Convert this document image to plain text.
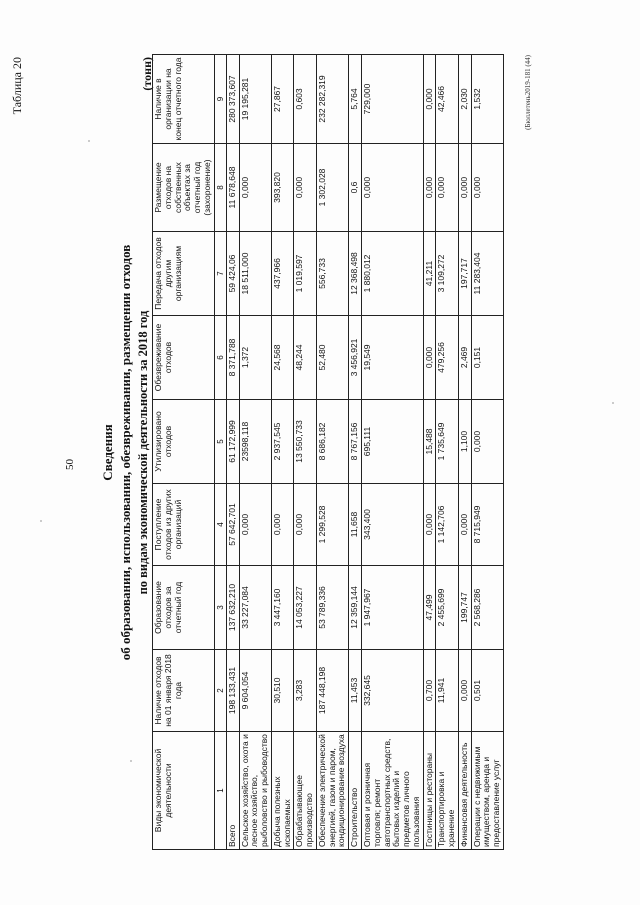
50
Таблица 20
Сведения об образовании, использовании, обезвреживании, размещении отходов по видам экономической деятельности за 2018 год
(тонн)
Виды экономической деятельности	Наличие отходов на 01 января 2018 года	Образование отходов за отчетный год	Поступление отходов из других организаций	Утилизировано отходов	Обезвреживание отходов	Передача отходов другим организациям	Размещение отходов на собственных объектах за отчетный год (захоронение)	Наличие в организации на конец отчетного года
1	2	3	4	5	6	7	8	9
Всего	198 133,431	137 632,210	57 642,701	61 172,999	8 371,788	59 424,06	11 678,648	280 373,607
Сельское хозяйство, охота и лесное хозяйство, рыболовство и рыбоводство	9 604,054	33 227,084	0,000	23598,118	1,372	18 511,000	0,000	19 195,281
Добыча полезных ископаемых	30,510	3 447,160	0,000	2 937,545	24,568	437,966	393,820	27,867
Обрабатывающее производство	3,283	14 053,227	0,000	13 550,733	48,244	1 019,597	0,000	0,603
Обеспечение электрической энергией, газом и паром, кондиционирование воздуха	187 448,198	53 789,336	1 299,528	8 686,182	52,480	556,733	1 302,028	232 282,319
Строительство	11,453	12 359,144	11,658	8 767,156	3 456,921	12 368,498	0,6	5,764
Оптовая и розничная торговля; ремонт автотранспортных средств, бытовых изделий и предметов личного пользования	332,645	1 947,967	343,400	695,111	19,549	1 880,012	0,000	729,000
Гостиницы и рестораны	0,700	47,499	0,000	15,488	0,000	41,211	0,000	0,000
Транспортировка и хранение	11,941	2 455,699	1 142,706	1 735,649	479,256	3 109,272	0,000	42,466
Финансовая деятельность	0,000	199,747	0,000	1,100	2,469	197,717	0,000	2,030
Операции с недвижимым имуществом, аренда и предоставление услуг	0,501	2 568,286	8 715,949	0,000	0,151	11 283,404	0,000	1,532	(Бюллетень2019-181 (44)
